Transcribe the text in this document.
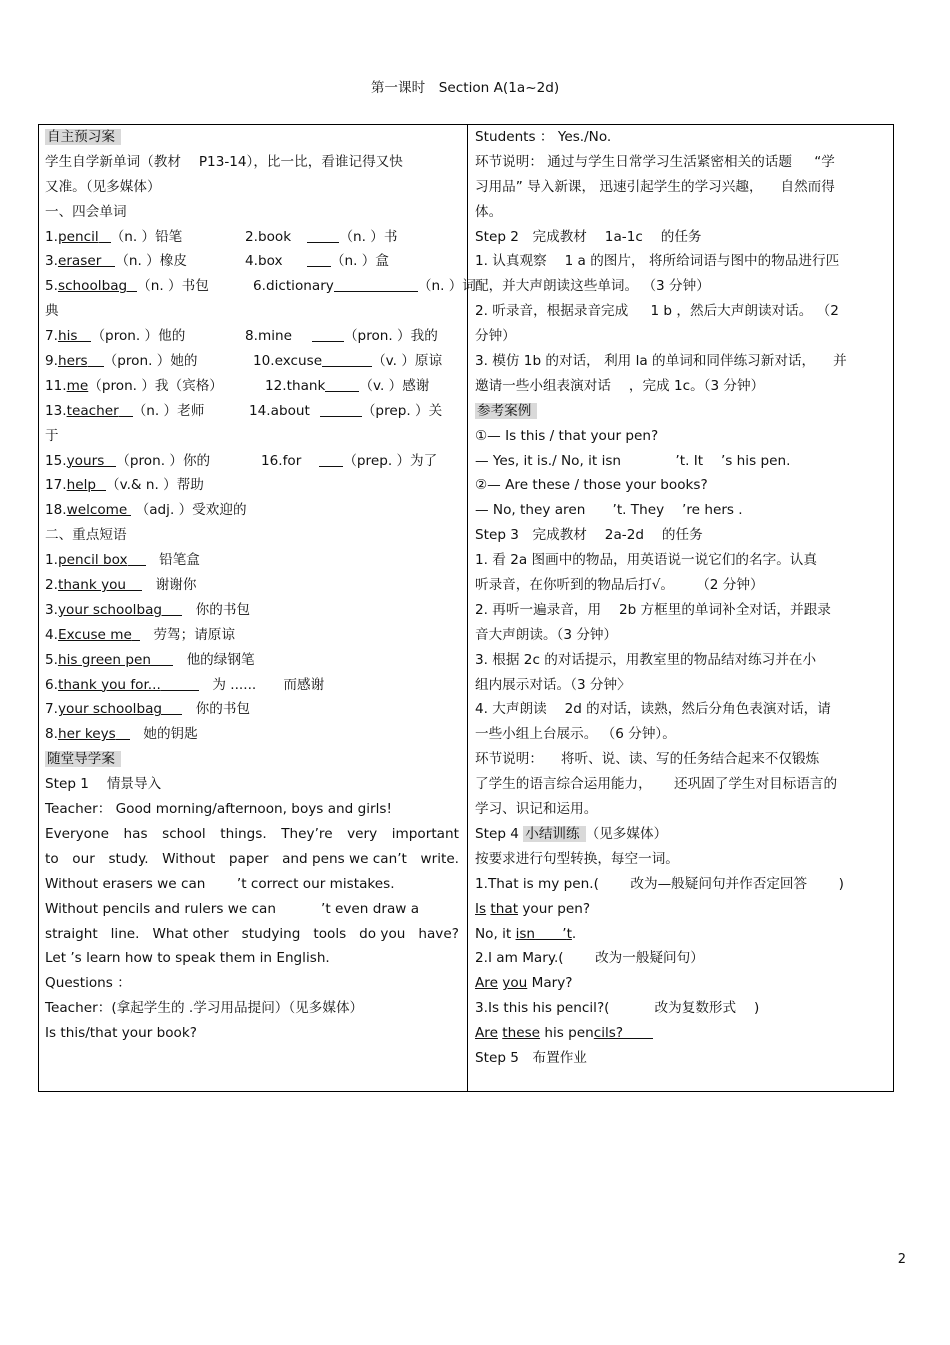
第一课时　Section A(1a~2d)
自主预习案
学生自学新单词（教材 　P13-14），比一比，看谁记得又快
又准。（见多媒体）
一、四会单词
1.pencil （n. ）铅笔	2.book	（n. ）书
3.eraser （n. ）橡皮	4.box	（n. ）盒
5.schoolbag （n. ）书包	6.dictionary	（n. ）词
典
7.his （pron. ）他的	8.mine	（pron. ）我的
9.hers （pron. ）她的	10.excuse	（v. ）原谅
11.me（pron. ）我（宾格）	12.thank	（v. ）感谢
13.teacher （n. ）老师	14.about	（prep. ）关
于
15.yours （pron. ）你的	16.for	（prep. ）为了
17.help （v.& n. ）帮助
18.welcome （adj. ）受欢迎的
二、重点短语
1.pencil box　 铅笔盒
2.thank you　 谢谢你
3.your schoolbag　 你的书包
4.Excuse me　 劳驾；请原谅
5.his green pen　	他的绿钢笔
6.thank you for...　	为 ......　　 而感谢
7.your schoolbag　 你的书包
8.her keys　 她的钥匙
随堂导学案
Step 1 　情景导入
Teacher： Good morning/afternoon, boys and girls!
Everyone has school things. They’re very important
to our study. Without paper and pens we can’t write.
Without erasers we can 　　’t correct our mistakes.
Without pencils and rulers we can 　　　’t even draw a
straight line. What other studying tools do you have?
Let ’s learn how to speak them in English.
Questions ：
Teacher：(拿起学生的 .学习用品提问）（见多媒体）
Is this/that your book?
Students ： Yes./No.
环节说明： 通过与学生日常学习生活紧密相关的话题 　 “学
习用品” 导入新课， 迅速引起学生的学习兴趣， 　自然而得
体。
Step 2　完成教材 　1a-1c 　的任务
1. 认真观察 　1 a 的图片， 将所给词语与图中的物品进行匹
配，并大声朗读这些单词。 （3 分钟）
2. 听录音，根据录音完成 　 1 b ，然后大声朗读对话。 （2
分钟）
3. 模仿 1b 的对话， 利用 la 的单词和同伴练习新对话， 　并
邀请一些小组表演对话 　，完成 1c。（3 分钟）
参考案例
①— Is this / that your pen?
— Yes, it is./ No, it isn　　　　’t. It 　’s his pen.
②— Are these / those your books?
— No, they aren　　’t. They 　’re hers .
Step 3　完成教材 　2a-2d 　的任务
1. 看 2a 图画中的物品，用英语说一说它们的名字。认真
听录音，在你听到的物品后打√。 　 （2 分钟）
2. 再听一遍录音，用 　2b 方框里的单词补全对话，并跟录
音大声朗读。（3 分钟）
3. 根据 2c 的对话提示，用教室里的物品结对练习并在小
组内展示对话。（3 分钟〉
4. 大声朗读 　2d 的对话，读熟，然后分角色表演对话，请
一些小组上台展示。 （6 分钟）。
环节说明： 　将听、说、读、写的任务结合起来不仅锻炼
了学生的语言综合运用能力， 　 还巩固了学生对目标语言的
学习、识记和运用。
Step 4 小结训练 （见多媒体）
按要求进行句型转换，每空一词。
1.That is my pen.( 　　改为—般疑问句并作否定回答 　　)
Is that your pen?
No, it isn　　’t.
2.I am Mary.( 　　改为一般疑问句）
Are you Mary?
3.Is this his pencil?( 　　　改为复数形式 　)
Are these his pencils?
Step 5　布置作业
2
